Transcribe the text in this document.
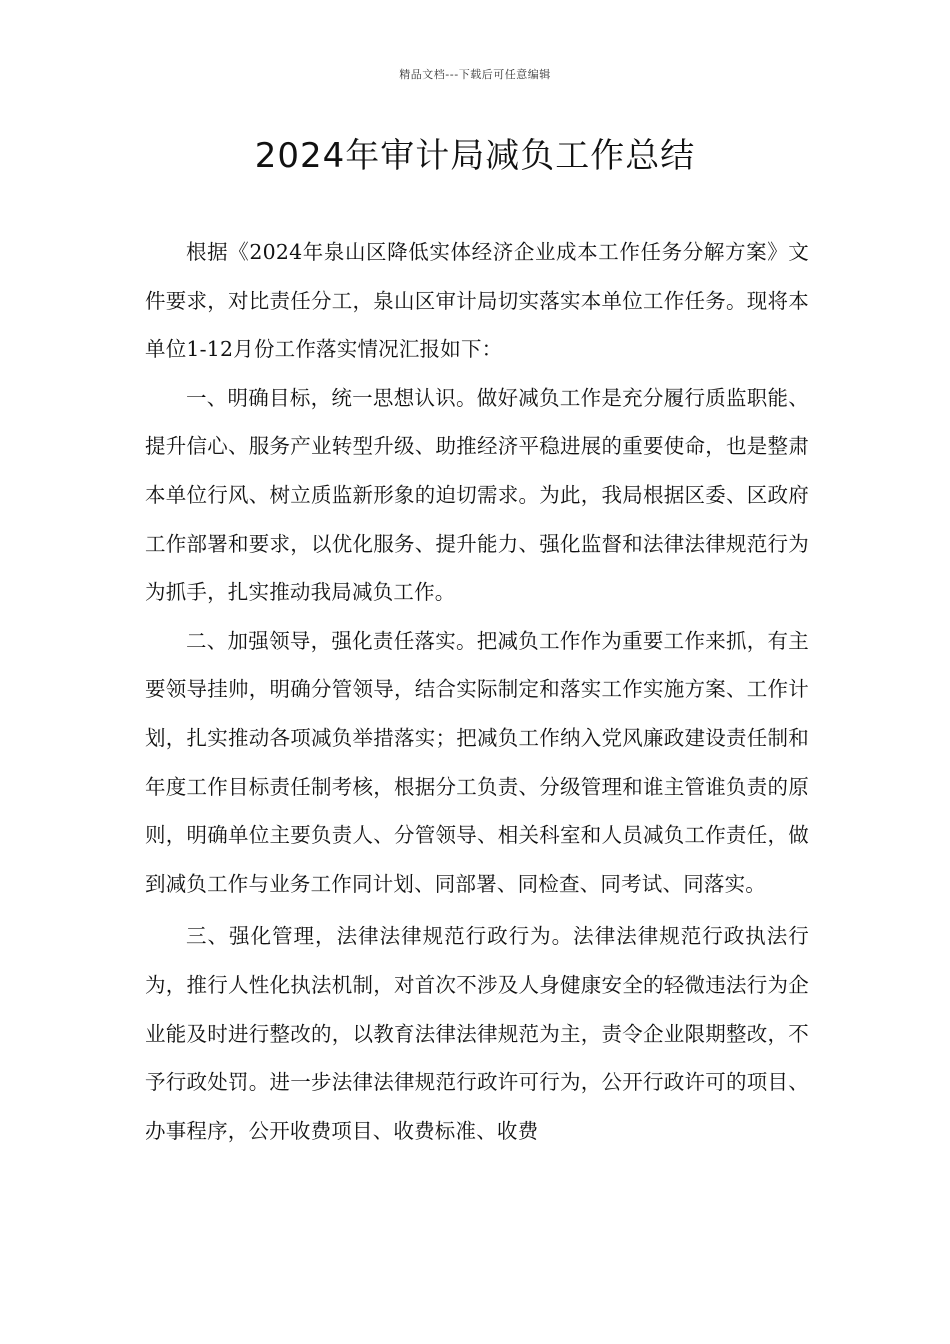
精品文档---下载后可任意编辑
2024年审计局减负工作总结

根据《2024年泉山区降低实体经济企业成本工作任务分解方案》文件要求，对比责任分工，泉山区审计局切实落实本单位工作任务。现将本单位1-12月份工作落实情况汇报如下：

一、明确目标，统一思想认识。做好减负工作是充分履行质监职能、提升信心、服务产业转型升级、助推经济平稳进展的重要使命，也是整肃本单位行风、树立质监新形象的迫切需求。为此，我局根据区委、区政府工作部署和要求，以优化服务、提升能力、强化监督和法律法律规范行为为抓手，扎实推动我局减负工作。

二、加强领导，强化责任落实。把减负工作作为重要工作来抓，有主要领导挂帅，明确分管领导，结合实际制定和落实工作实施方案、工作计划，扎实推动各项减负举措落实；把减负工作纳入党风廉政建设责任制和年度工作目标责任制考核，根据分工负责、分级管理和谁主管谁负责的原则，明确单位主要负责人、分管领导、相关科室和人员减负工作责任，做到减负工作与业务工作同计划、同部署、同检查、同考试、同落实。

三、强化管理，法律法律规范行政行为。法律法律规范行政执法行为，推行人性化执法机制，对首次不涉及人身健康安全的轻微违法行为企业能及时进行整改的，以教育法律法律规范为主，责令企业限期整改，不予行政处罚。进一步法律法律规范行政许可行为，公开行政许可的项目、办事程序，公开收费项目、收费标准、收费
